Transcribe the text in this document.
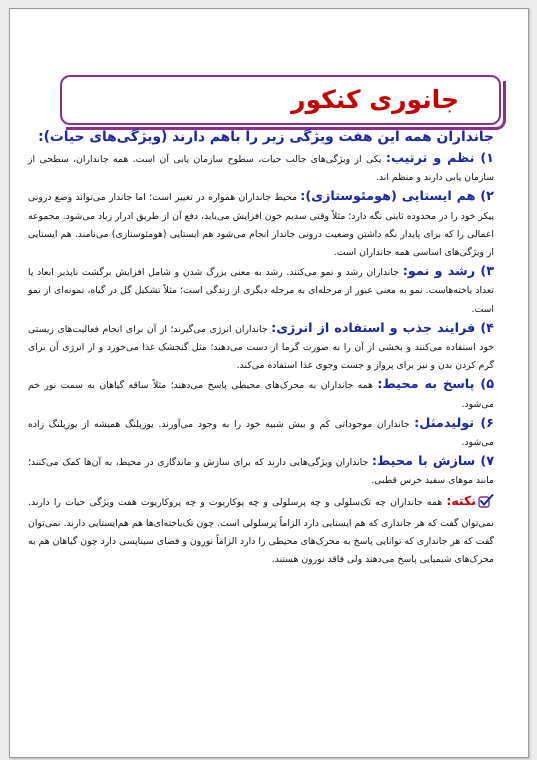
جانوری کنکور
جانداران همه این هفت ویژگی زیر را باهم دارند (ویژگی‌های حیات):
۱) نظم و ترتیب: یکی از ویژگی‌های جالب حیات، سطوح سازمان یابی آن است. همه جانداران، سطحی از سازمان یابی دارند و منظم اند.
۲) هم ایستایی (هومئوستازی): محیط جانداران همواره در تغییر است؛ اما جاندار می‌تواند وضع درونی پیکر خود را در محدوده ثابتی نگه دارد؛ مثلاً وقتی سدیم خون افزایش می‌یابد، دفع آن از طریق ادرار زیاد می‌شود. مجموعه اعمالی را که برای پایدار نگه داشتن وضعیت درونی جاندار انجام می‌شود هم ایستایی (هومئوستازی) می‌نامند. هم ایستایی از ویژگی‌های اساسی همه جانداران است.
۳) رشد و نمو: جانداران رشد و نمو می‌کنند. رشد به معنی بزرگ شدن و شامل افزایش برگشت ناپذیر ابعاد یا تعداد یاخته‌هاست. نمو به معنی عبور از مرحله‌ای به مرحله دیگری از زندگی است؛ مثلاً تشکیل گل در گیاه، نمونه‌ای از نمو است.
۴) فرایند جذب و استفاده از انرژی: جانداران انرژی می‌گیرند؛ از آن برای انجام فعالیت‌های زیستی خود استفاده می‌کنند و بخشی از آن را به صورت گرما از دست می‌دهند؛ مثل گنجشک غذا می‌خورد و از انرژی آن برای گرم کردن بدن و نیز برای پرواز و جست وجوی غذا استفاده می‌کند.
۵) پاسخ به محیط: همه جانداران به محرک‌های محیطی پاسخ می‌دهند؛ مثلاً ساقه گیاهان به سمت نور خم می‌شود.
۶) تولیدمثل: جانداران موجوداتی کم و بیش شبیه خود را به وجود می‌آورند. یوزپلنگ همیشه از یوزپلنگ زاده می‌شود.
۷) سازش با محیط: جانداران ویژگی‌هایی دارند که برای سازش و ماندگاری در محیط، به آن‌ها کمک می‌کنند؛ مانند موهای سفید خرس قطبی.
نکته: همه جانداران چه تک‌سلولی و چه پرسلولی و چه پوکاریوت و چه پروکاریوت هفت ویژگی حیات را دارند. نمی‌توان گفت که هر جانداری که هم ایستایی دارد الزاماً پرسلولی است. چون تک‌یاخته‌ای‌ها هم هم‌ایستایی دارند. نمی‌توان گفت که هر جانداری که توانایی پاسخ به محرک‌های محیطی را دارد الزاماً نورون و فضای سیناپسی دارد چون گیاهان هم به محرک‌های شیمیایی پاسخ می‌دهند ولی فاقد نورون هستند.
